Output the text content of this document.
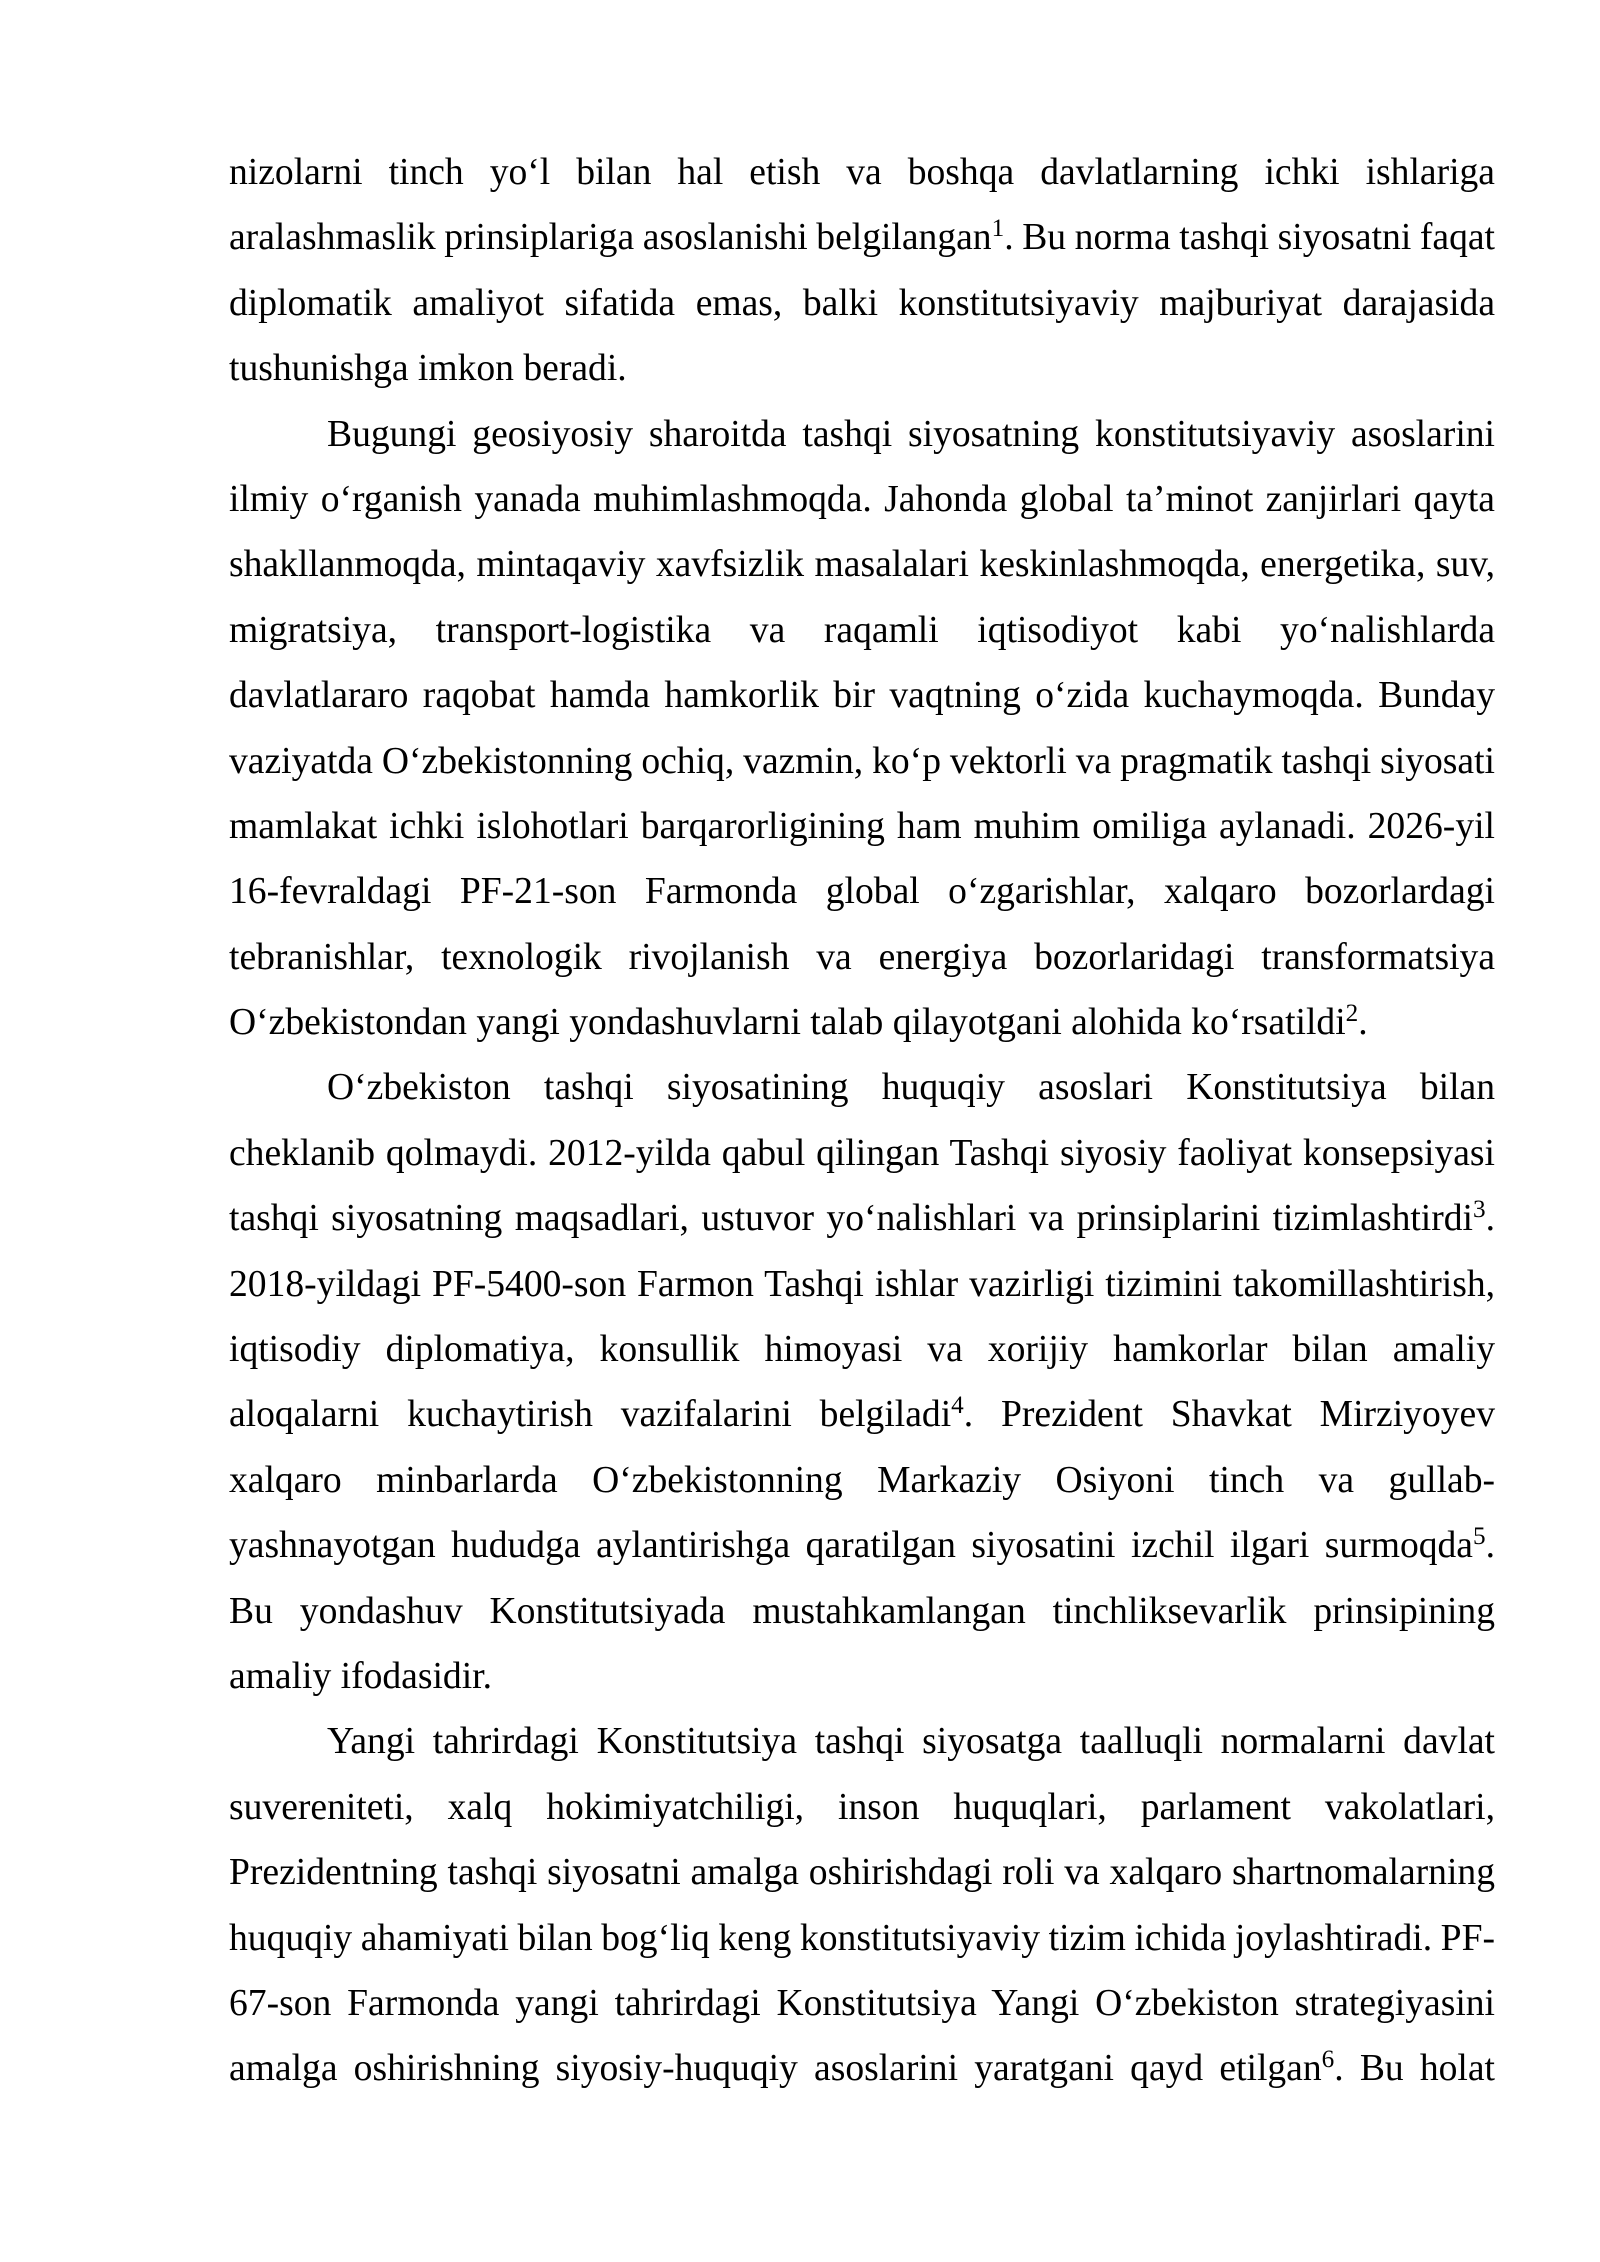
nizolarni tinch yo‘l bilan hal etish va boshqa davlatlarning ichki ishlariga
aralashmaslik prinsiplariga asoslanishi belgilangan$^1$. Bu norma tashqi siyosatni faqat
diplomatik amaliyot sifatida emas, balki konstitutsiyaviy majburiyat darajasida
tushunishga imkon beradi.
Bugungi geosiyosiy sharoitda tashqi siyosatning konstitutsiyaviy asoslarini
ilmiy o‘rganish yanada muhimlashmoqda. Jahonda global ta’minot zanjirlari qayta
shakllanmoqda, mintaqaviy xavfsizlik masalalari keskinlashmoqda, energetika, suv,
migratsiya, transport-logistika va raqamli iqtisodiyot kabi yo‘nalishlarda
davlatlararo raqobat hamda hamkorlik bir vaqtning o‘zida kuchaymoqda. Bunday
vaziyatda O‘zbekistonning ochiq, vazmin, ko‘p vektorli va pragmatik tashqi siyosati
mamlakat ichki islohotlari barqarorligining ham muhim omiliga aylanadi. 2026-yil
16-fevraldagi PF-21-son Farmonda global o‘zgarishlar, xalqaro bozorlardagi
tebranishlar, texnologik rivojlanish va energiya bozorlaridagi transformatsiya
O‘zbekistondan yangi yondashuvlarni talab qilayotgani alohida ko‘rsatildi$^2$.
O‘zbekiston tashqi siyosatining huquqiy asoslari Konstitutsiya bilan
cheklanib qolmaydi. 2012-yilda qabul qilingan Tashqi siyosiy faoliyat konsepsiyasi
tashqi siyosatning maqsadlari, ustuvor yo‘nalishlari va prinsiplarini tizimlashtirdi$^3$.
2018-yildagi PF-5400-son Farmon Tashqi ishlar vazirligi tizimini takomillashtirish,
iqtisodiy diplomatiya, konsullik himoyasi va xorijiy hamkorlar bilan amaliy
aloqalarni kuchaytirish vazifalarini belgiladi$^4$. Prezident Shavkat Mirziyoyev
xalqaro minbarlarda O‘zbekistonning Markaziy Osiyoni tinch va gullab-
yashnayotgan hududga aylantirishga qaratilgan siyosatini izchil ilgari surmoqda$^5$.
Bu yondashuv Konstitutsiyada mustahkamlangan tinchliksevarlik prinsipining
amaliy ifodasidir.
Yangi tahrirdagi Konstitutsiya tashqi siyosatga taalluqli normalarni davlat
suvereniteti, xalq hokimiyatchiligi, inson huquqlari, parlament vakolatlari,
Prezidentning tashqi siyosatni amalga oshirishdagi roli va xalqaro shartnomalarning
huquqiy ahamiyati bilan bog‘liq keng konstitutsiyaviy tizim ichida joylashtiradi. PF-
67-son Farmonda yangi tahrirdagi Konstitutsiya Yangi O‘zbekiston strategiyasini
amalga oshirishning siyosiy-huquqiy asoslarini yaratgani qayd etilgan$^6$. Bu holat
